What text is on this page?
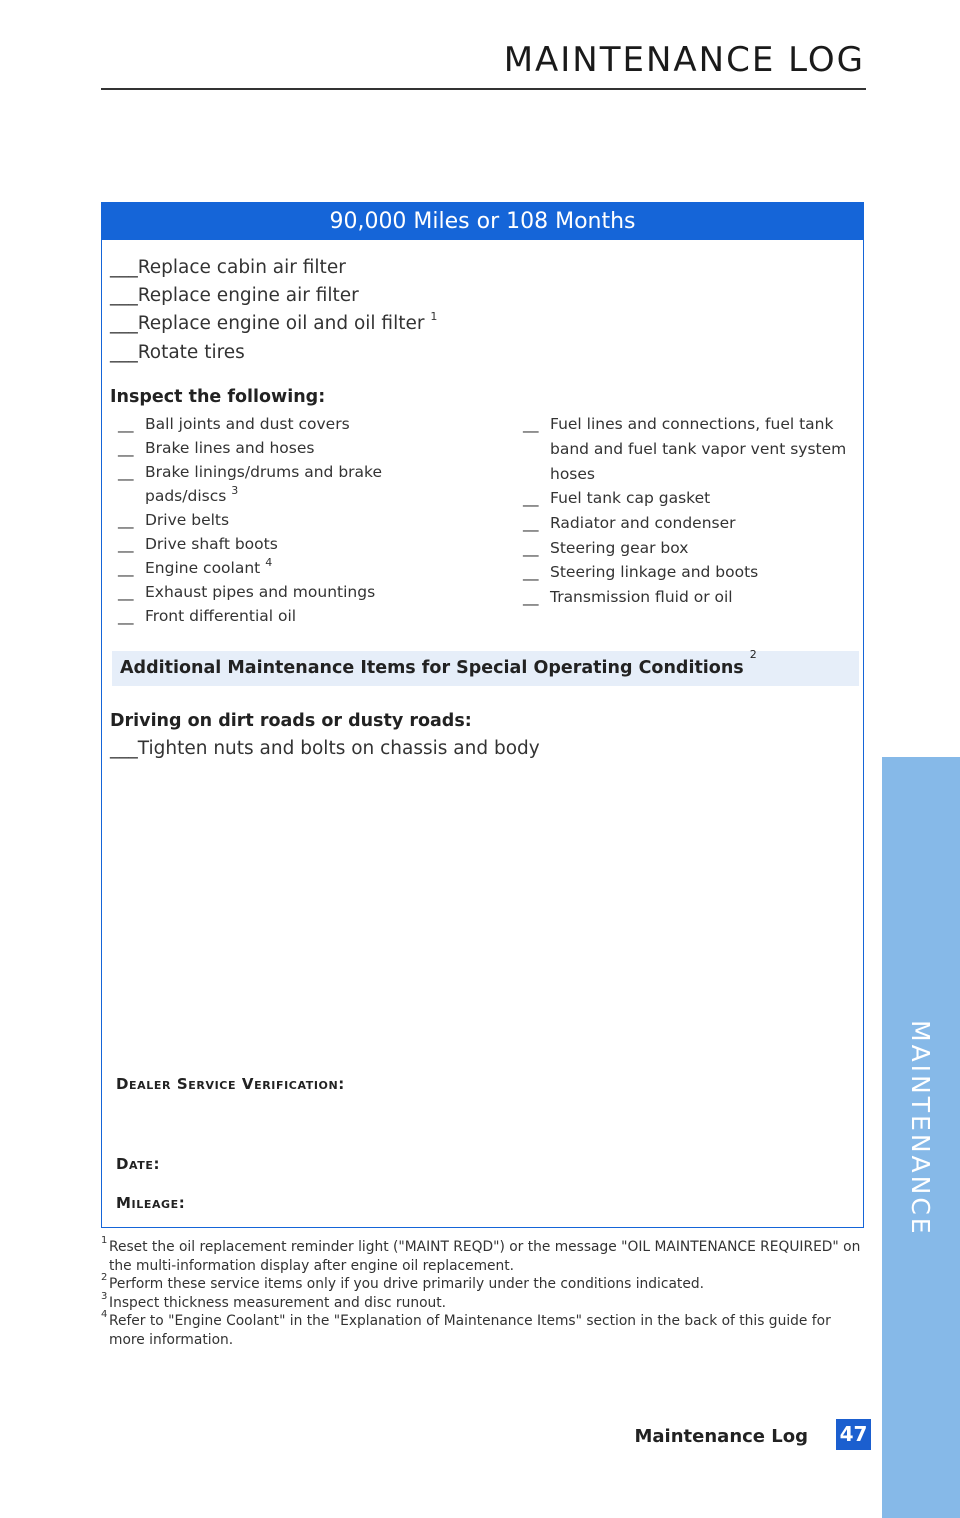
MAINTENANCE LOG
90,000 Miles or 108 Months
___Replace cabin air filter
___Replace engine air filter
___Replace engine oil and oil filter $^1$
___Rotate tires
Inspect the following:
__ Ball joints and dust covers
__ Brake lines and hoses
__ Brake linings/drums and brake
pads/discs $^3$
__ Drive belts
__ Drive shaft boots
__ Engine coolant $^4$
__ Exhaust pipes and mountings
__ Front differential oil
__ Fuel lines and connections, fuel tank
band and fuel tank vapor vent system
hoses
__ Fuel tank cap gasket
__ Radiator and condenser
__ Steering gear box
__ Steering linkage and boots
__ Transmission fluid or oil
Additional Maintenance Items for Special Operating Conditions $^2$
Driving on dirt roads or dusty roads:
___Tighten nuts and bolts on chassis and body
Dealer Service Verification:
Date:
Mileage:
1 Reset the oil replacement reminder light ("MAINT REQD") or the message "OIL MAINTENANCE REQUIRED" on the multi-information display after engine oil replacement.
2 Perform these service items only if you drive primarily under the conditions indicated.
3 Inspect thickness measurement and disc runout.
4 Refer to "Engine Coolant" in the "Explanation of Maintenance Items" section in the back of this guide for more information.
Maintenance Log 47
MAINTENANCE
